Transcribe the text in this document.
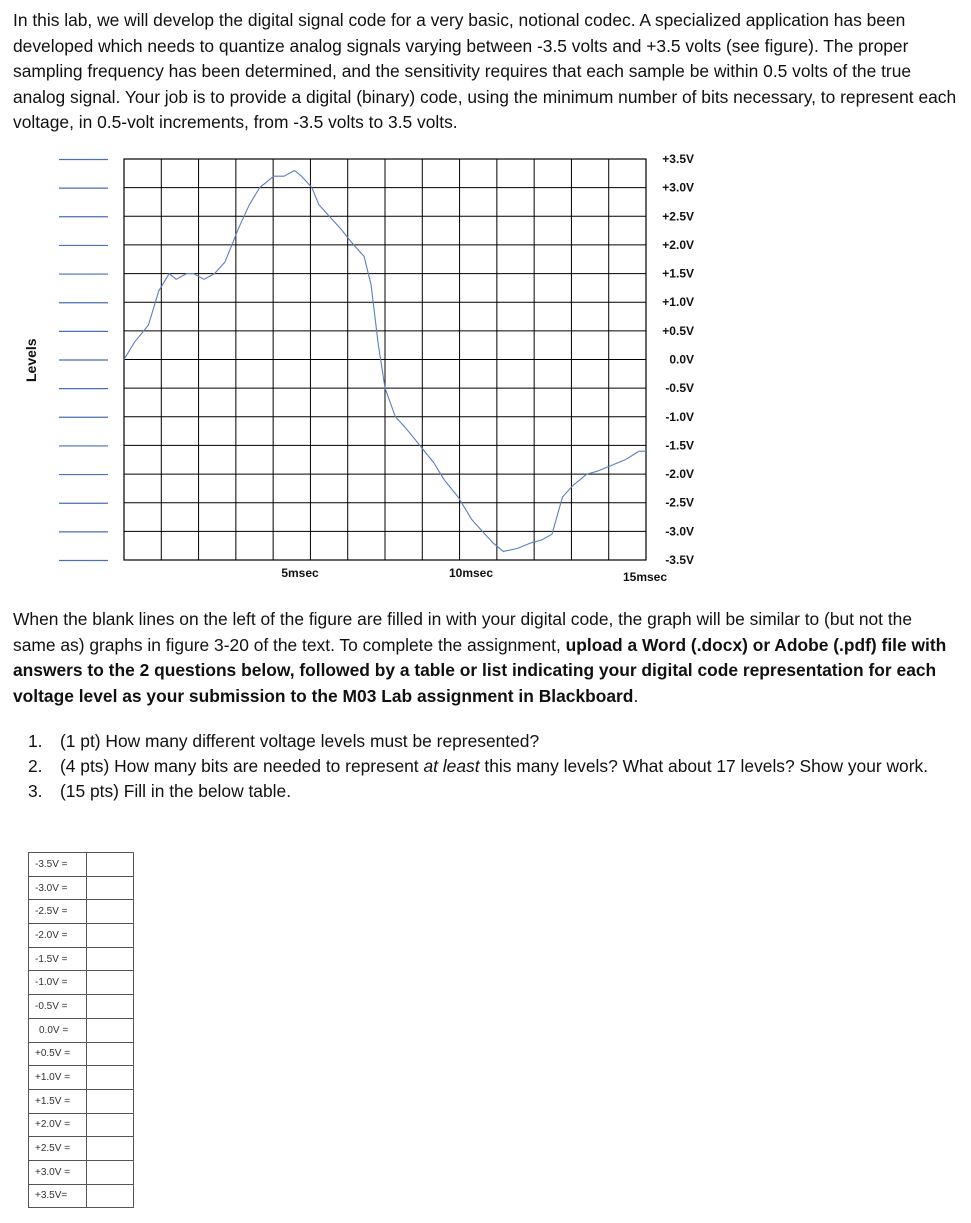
In this lab, we will develop the digital signal code for a very basic, notional codec. A specialized application has been developed which needs to quantize analog signals varying between -3.5 volts and +3.5 volts (see figure). The proper sampling frequency has been determined, and the sensitivity requires that each sample be within 0.5 volts of the true analog signal. Your job is to provide a digital (binary) code, using the minimum number of bits necessary, to represent each voltage, in 0.5-volt increments, from -3.5 volts to 3.5 volts.

+3.5V
+3.0V
+2.5V
+2.0V
+1.5V
+1.0V
+0.5V
0.0V
-0.5V
-1.0V
-1.5V
-2.0V
-2.5V
-3.0V
-3.5V
5msec	10msec	15msec
Levels

When the blank lines on the left of the figure are filled in with your digital code, the graph will be similar to (but not the same as) graphs in figure 3-20 of the text. To complete the assignment, upload a Word (.docx) or Adobe (.pdf) file with answers to the 2 questions below, followed by a table or list indicating your digital code representation for each voltage level as your submission to the M03 Lab assignment in Blackboard.

1. (1 pt) How many different voltage levels must be represented?
2. (4 pts) How many bits are needed to represent at least this many levels? What about 17 levels? Show your work.
3. (15 pts) Fill in the below table.
-3.5V =	
-3.0V =	
-2.5V =	
-2.0V =	
-1.5V =	
-1.0V =	
-0.5V =	
0.0V =	
+0.5V =	
+1.0V =	
+1.5V =	
+2.0V =	
+2.5V =	
+3.0V =	
+3.5V=	
